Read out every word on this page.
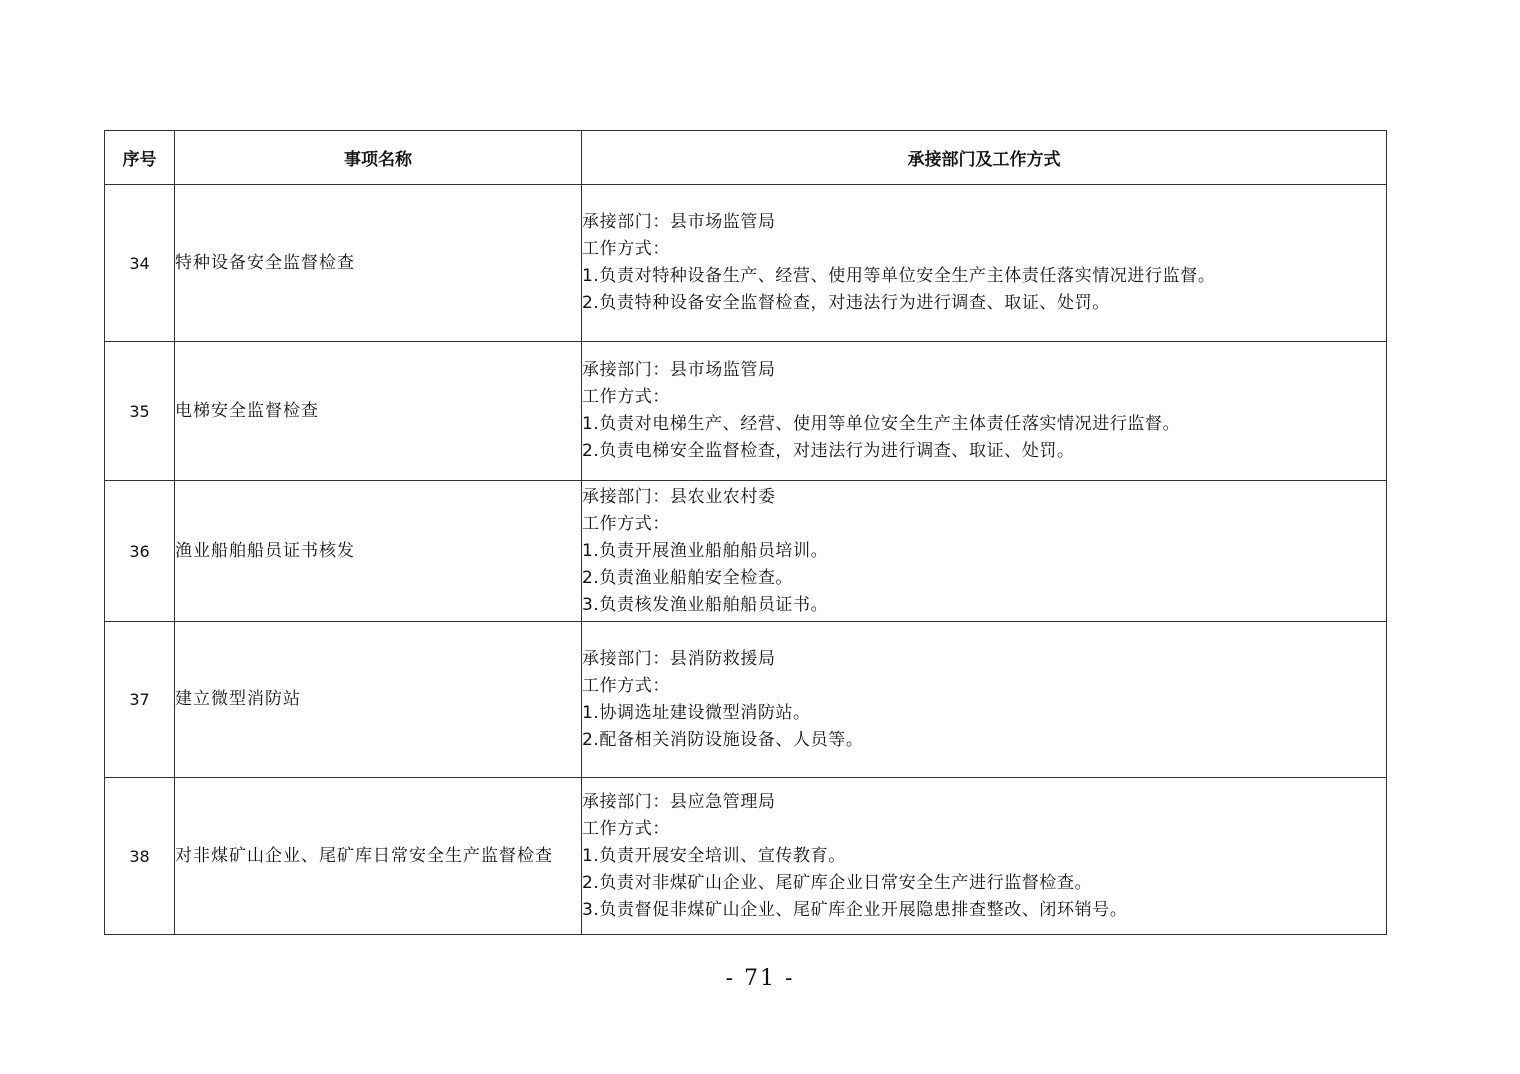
序号	事项名称	承接部门及工作方式
34	特种设备安全监督检查	承接部门：县市场监管局
工作方式：
1.负责对特种设备生产、经营、使用等单位安全生产主体责任落实情况进行监督。
2.负责特种设备安全监督检查，对违法行为进行调查、取证、处罚。

35	电梯安全监督检查	承接部门：县市场监管局
工作方式：
1.负责对电梯生产、经营、使用等单位安全生产主体责任落实情况进行监督。
2.负责电梯安全监督检查，对违法行为进行调查、取证、处罚。

36	渔业船舶船员证书核发	承接部门：县农业农村委
工作方式：
1.负责开展渔业船舶船员培训。
2.负责渔业船舶安全检查。
3.负责核发渔业船舶船员证书。

37	建立微型消防站	承接部门：县消防救援局
工作方式：
1.协调选址建设微型消防站。
2.配备相关消防设施设备、人员等。

38	对非煤矿山企业、尾矿库日常安全生产监督检查	承接部门：县应急管理局
工作方式：
1.负责开展安全培训、宣传教育。
2.负责对非煤矿山企业、尾矿库企业日常安全生产进行监督检查。
3.负责督促非煤矿山企业、尾矿库企业开展隐患排查整改、闭环销号。
- 71 -
